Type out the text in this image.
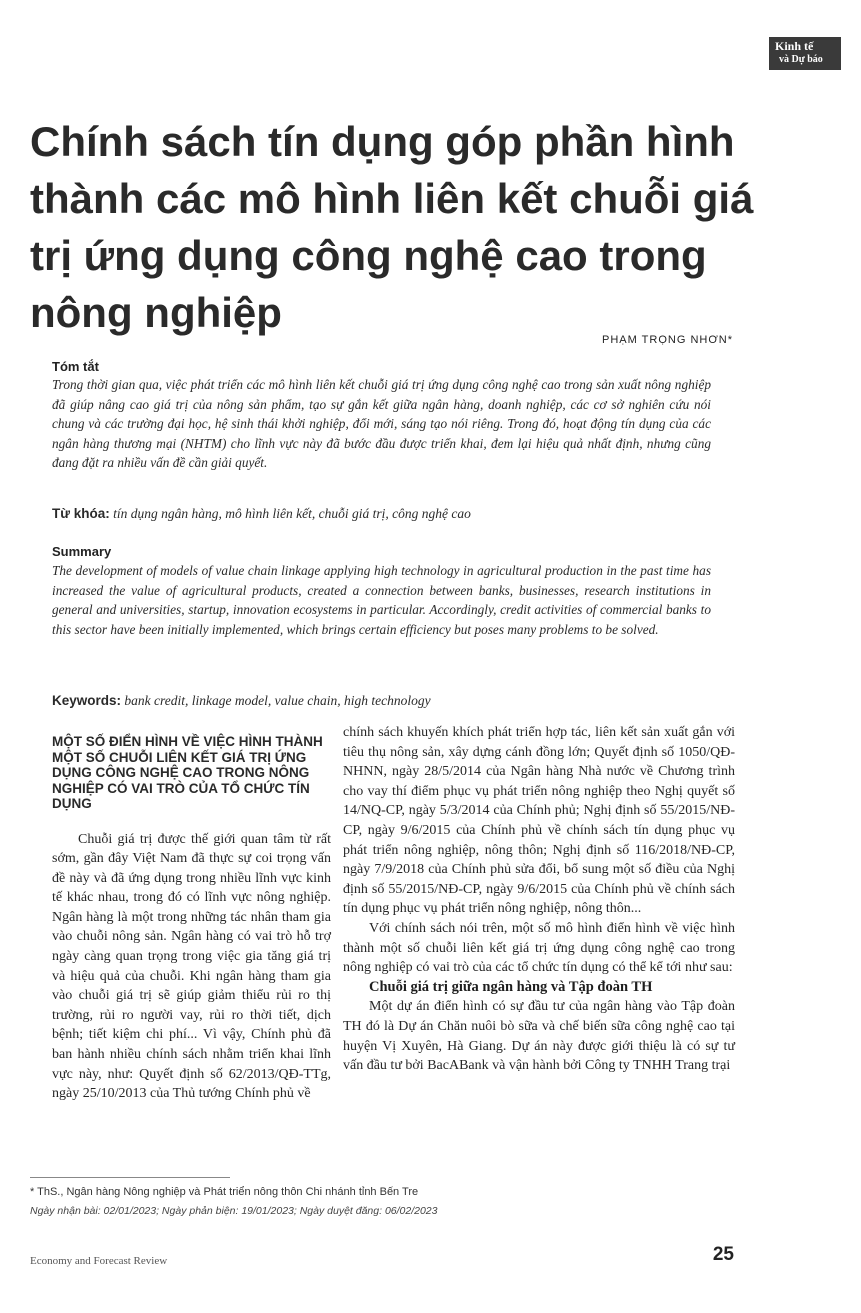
Kinh tế
và Dự báo
Chính sách tín dụng góp phần hình thành các mô hình liên kết chuỗi giá trị ứng dụng công nghệ cao trong nông nghiệp

PHẠM TRỌNG NHƠN*

Tóm tắt

Trong thời gian qua, việc phát triển các mô hình liên kết chuỗi giá trị ứng dụng công nghệ cao trong sản xuất nông nghiệp đã giúp nâng cao giá trị của nông sản phẩm, tạo sự gắn kết giữa ngân hàng, doanh nghiệp, các cơ sở nghiên cứu nói chung và các trường đại học, hệ sinh thái khởi nghiệp, đổi mới, sáng tạo nói riêng. Trong đó, hoạt động tín dụng của các ngân hàng thương mại (NHTM) cho lĩnh vực này đã bước đầu được triển khai, đem lại hiệu quả nhất định, nhưng cũng đang đặt ra nhiều vấn đề cần giải quyết.

Từ khóa: tín dụng ngân hàng, mô hình liên kết, chuỗi giá trị, công nghệ cao

Summary

The development of models of value chain linkage applying high technology in agricultural production in the past time has increased the value of agricultural products, created a connection between banks, businesses, research institutions in general and universities, startup, innovation ecosystems in particular. Accordingly, credit activities of commercial banks to this sector have been initially implemented, which brings certain efficiency but poses many problems to be solved.

Keywords: bank credit, linkage model, value chain, high technology

MỘT SỐ ĐIỂN HÌNH VỀ VIỆC HÌNH THÀNH MỘT SỐ CHUỖI LIÊN KẾT GIÁ TRỊ ỨNG DỤNG CÔNG NGHỆ CAO TRONG NÔNG NGHIỆP CÓ VAI TRÒ CỦA TỔ CHỨC TÍN DỤNG

Chuỗi giá trị được thế giới quan tâm từ rất sớm, gần đây Việt Nam đã thực sự coi trọng vấn đề này và đã ứng dụng trong nhiều lĩnh vực kinh tế khác nhau, trong đó có lĩnh vực nông nghiệp. Ngân hàng là một trong những tác nhân tham gia vào chuỗi nông sản. Ngân hàng có vai trò hỗ trợ ngày càng quan trọng trong việc gia tăng giá trị và hiệu quả của chuỗi. Khi ngân hàng tham gia vào chuỗi giá trị sẽ giúp giảm thiểu rủi ro thị trường, rủi ro người vay, rủi ro thời tiết, dịch bệnh; tiết kiệm chi phí... Vì vậy, Chính phủ đã ban hành nhiều chính sách nhằm triển khai lĩnh vực này, như: Quyết định số 62/2013/QĐ-TTg, ngày 25/10/2013 của Thủ tướng Chính phủ về

chính sách khuyến khích phát triển hợp tác, liên kết sản xuất gắn với tiêu thụ nông sản, xây dựng cánh đồng lớn; Quyết định số 1050/QĐ-NHNN, ngày 28/5/2014 của Ngân hàng Nhà nước về Chương trình cho vay thí điểm phục vụ phát triển nông nghiệp theo Nghị quyết số 14/NQ-CP, ngày 5/3/2014 của Chính phủ; Nghị định số 55/2015/NĐ-CP, ngày 9/6/2015 của Chính phủ về chính sách tín dụng phục vụ phát triển nông nghiệp, nông thôn; Nghị định số 116/2018/NĐ-CP, ngày 7/9/2018 của Chính phủ sửa đổi, bổ sung một số điều của Nghị định số 55/2015/NĐ-CP, ngày 9/6/2015 của Chính phủ về chính sách tín dụng phục vụ phát triển nông nghiệp, nông thôn...

Với chính sách nói trên, một số mô hình điển hình về việc hình thành một số chuỗi liên kết giá trị ứng dụng công nghệ cao trong nông nghiệp có vai trò của các tổ chức tín dụng có thể kể tới như sau:

Chuỗi giá trị giữa ngân hàng và Tập đoàn TH

Một dự án điển hình có sự đầu tư của ngân hàng vào Tập đoàn TH đó là Dự án Chăn nuôi bò sữa và chế biến sữa công nghệ cao tại huyện Vị Xuyên, Hà Giang. Dự án này được giới thiệu là có sự tư vấn đầu tư bởi BacABank và vận hành bởi Công ty TNHH Trang trại

* ThS., Ngân hàng Nông nghiệp và Phát triển nông thôn Chi nhánh tỉnh Bến Tre

Ngày nhận bài: 02/01/2023; Ngày phản biện: 19/01/2023; Ngày duyệt đăng: 06/02/2023

Economy and Forecast Review	25
